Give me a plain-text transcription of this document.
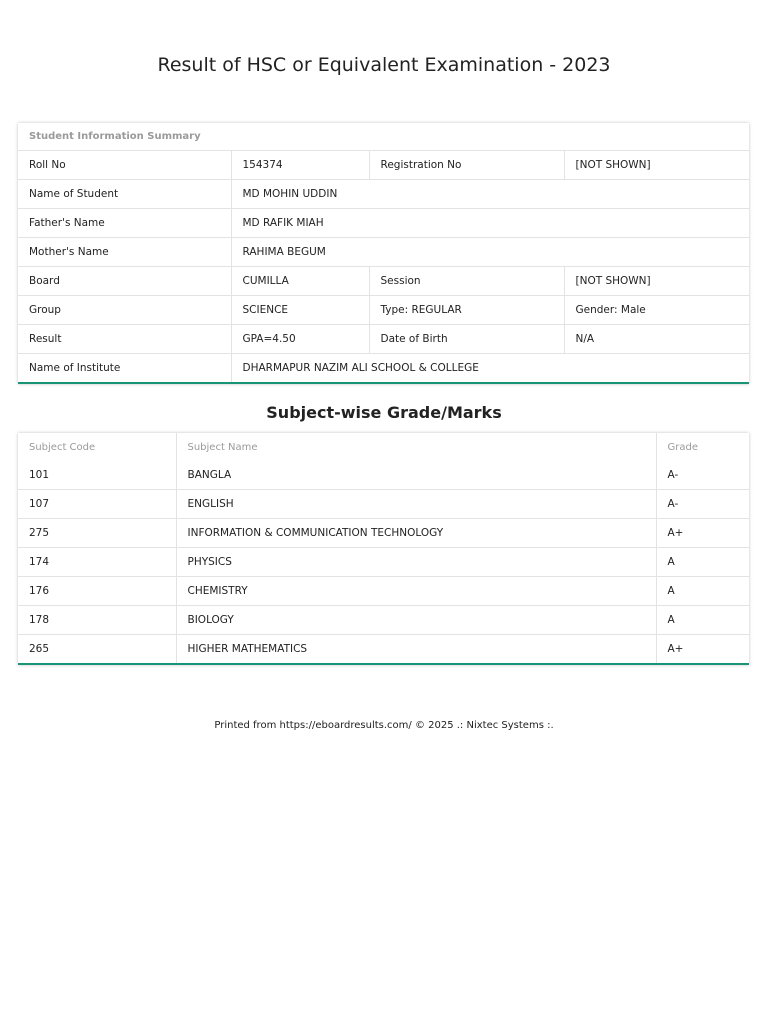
Result of HSC or Equivalent Examination - 2023
Student Information Summary			
Roll No	154374	Registration No	[NOT SHOWN]
Name of Student	MD MOHIN UDDIN		
Father's Name	MD RAFIK MIAH		
Mother's Name	RAHIMA BEGUM		
Board	CUMILLA	Session	[NOT SHOWN]
Group	SCIENCE	Type: REGULAR	Gender: Male
Result	GPA=4.50	Date of Birth	N/A
Name of Institute	DHARMAPUR NAZIM ALI SCHOOL & COLLEGE		
Subject-wise Grade/Marks
Subject Code	Subject Name	Grade
101	BANGLA	A-
107	ENGLISH	A-
275	INFORMATION & COMMUNICATION TECHNOLOGY	A+
174	PHYSICS	A
176	CHEMISTRY	A
178	BIOLOGY	A
265	HIGHER MATHEMATICS	A+
Printed from https://eboardresults.com/ © 2025 .: Nixtec Systems :.
